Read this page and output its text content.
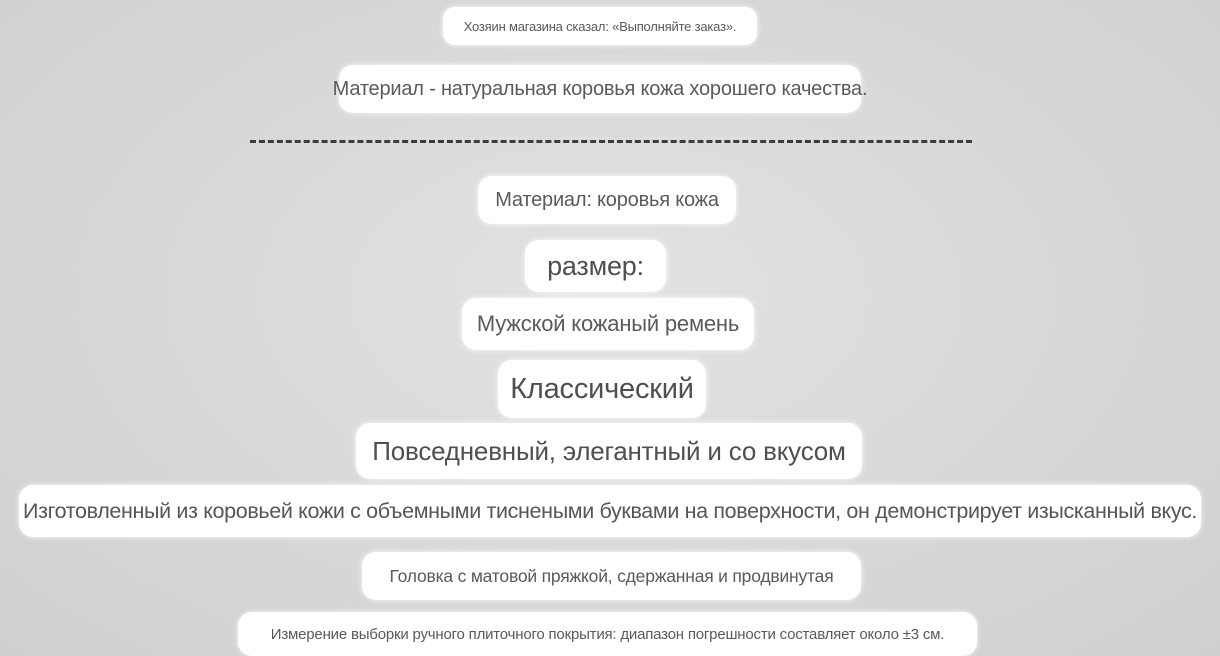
Хозяин магазина сказал: «Выполняйте заказ».
Материал - натуральная коровья кожа хорошего качества.
Материал: коровья кожа
размер:
Мужской кожаный ремень
Классический
Повседневный, элегантный и со вкусом
Изготовленный из коровьей кожи с объемными тиснеными буквами на поверхности, он демонстрирует изысканный вкус.
Головка с матовой пряжкой, сдержанная и продвинутая
Измерение выборки ручного плиточного покрытия: диапазон погрешности составляет около ±3 см.
